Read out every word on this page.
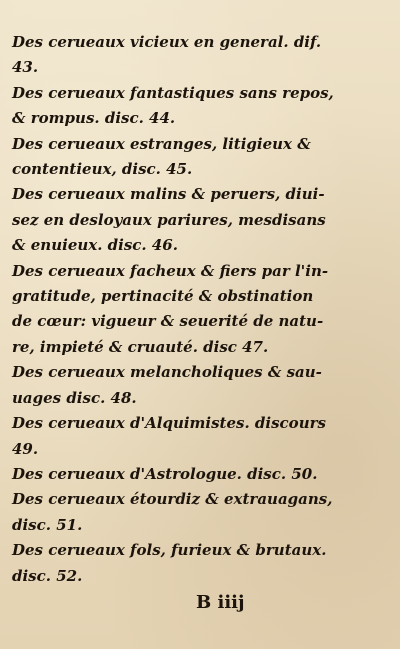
Des cerueaux vicieux en general. dif.
43.

Des cerueaux fantastiques sans repos,
& rompus. disc. 44.

Des cerueaux estranges, litigieux &
contentieux, disc. 45.

Des cerueaux malins & peruers, diui-
sez en desloyaux pariures, mesdisans
& enuieux. disc. 46.

Des cerueaux facheux & fiers par l'in-
gratitude, pertinacité & obstination
de cœur: vigueur & seuerité de natu-
re, impieté & cruauté. disc 47.

Des cerueaux melancholiques & sau-
uages disc. 48.

Des cerueaux d'Alquimistes. discours
49.

Des cerueaux d'Astrologue. disc. 50.

Des cerueaux étourdiz & extrauagans,
disc. 51.

Des cerueaux fols, furieux & brutaux.
disc. 52.

B iiij
